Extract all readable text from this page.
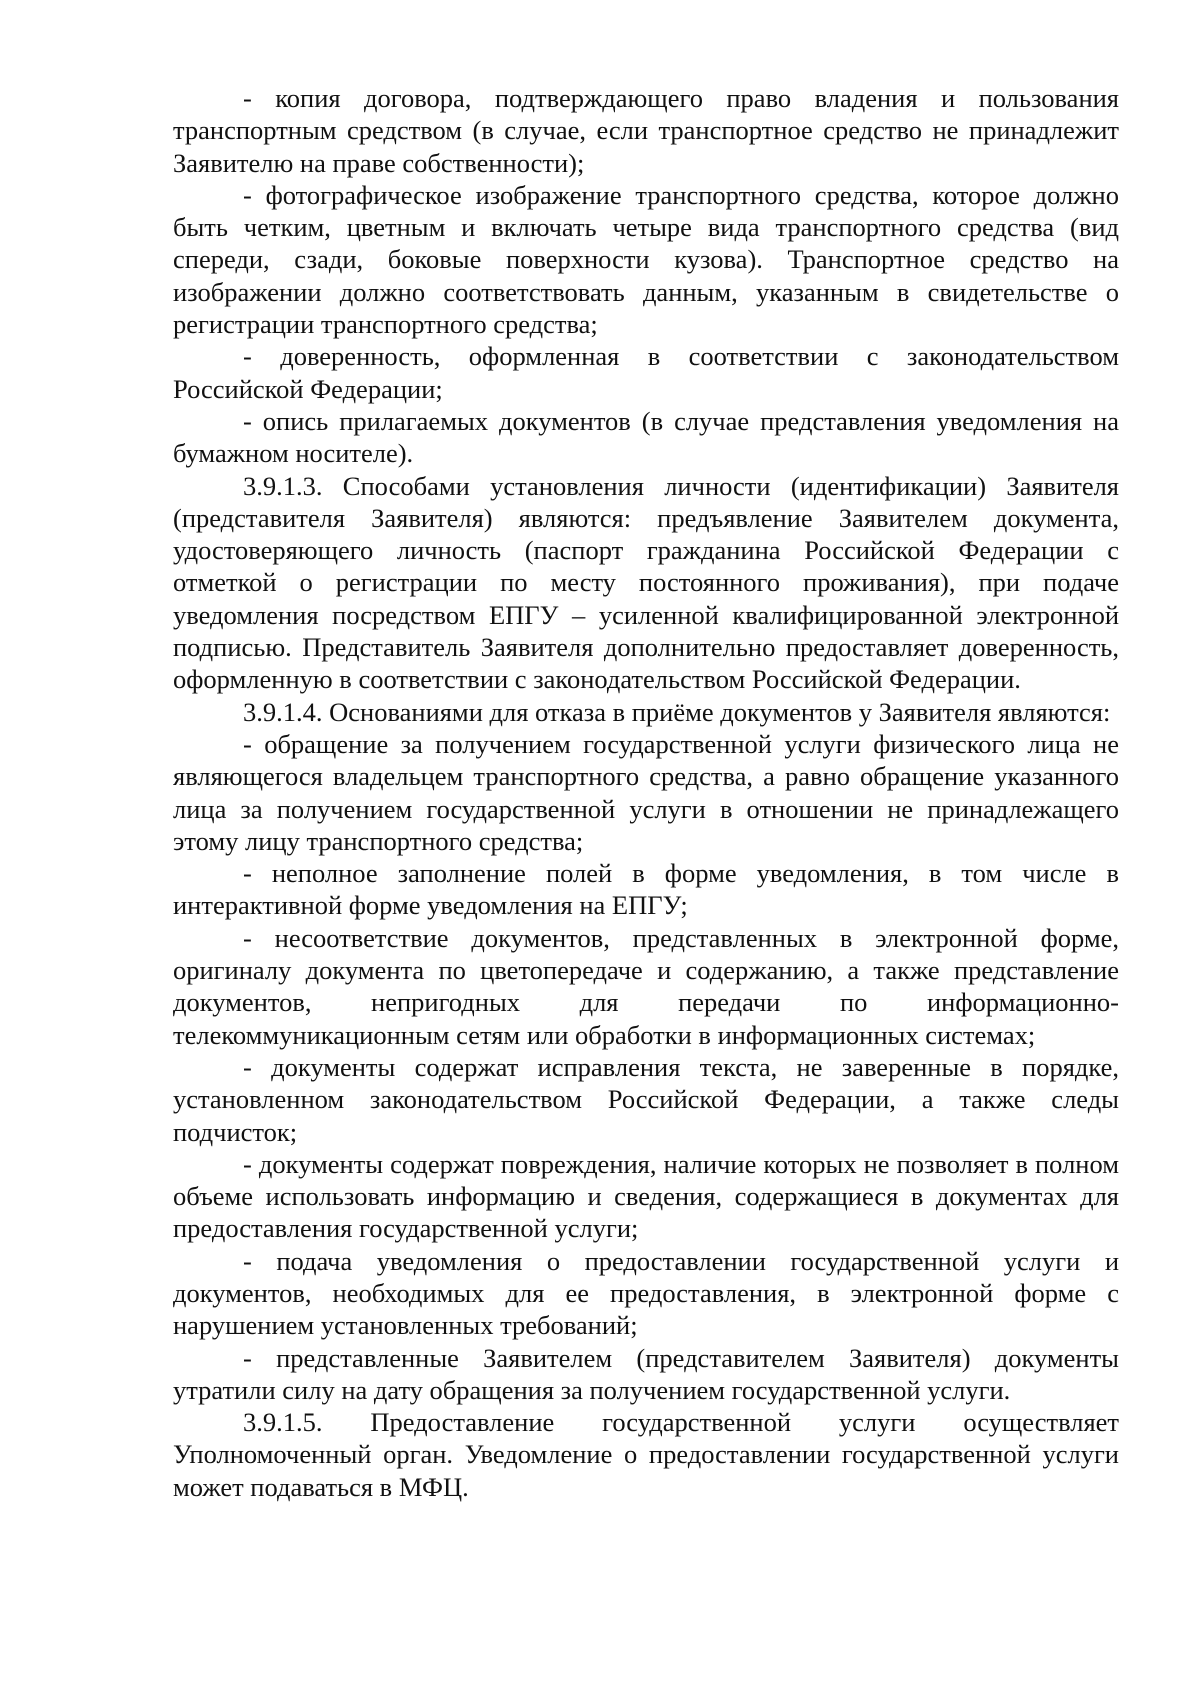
- копия договора, подтверждающего право владения и пользования транспортным средством (в случае, если транспортное средство не принадлежит Заявителю на праве собственности);

- фотографическое изображение транспортного средства, которое должно быть четким, цветным и включать четыре вида транспортного средства (вид спереди, сзади, боковые поверхности кузова). Транспортное средство на изображении должно соответствовать данным, указанным в свидетельстве о регистрации транспортного средства;

- доверенность, оформленная в соответствии с законодательством Российской Федерации;

- опись прилагаемых документов (в случае представления уведомления на бумажном носителе).

3.9.1.3. Способами установления личности (идентификации) Заявителя (представителя Заявителя) являются: предъявление Заявителем документа, удостоверяющего личность (паспорт гражданина Российской Федерации с отметкой о регистрации по месту постоянного проживания), при подаче уведомления посредством ЕПГУ – усиленной квалифицированной электронной подписью. Представитель Заявителя дополнительно предоставляет доверенность, оформленную в соответствии с законодательством Российской Федерации.

3.9.1.4. Основаниями для отказа в приёме документов у Заявителя являются:

- обращение за получением государственной услуги физического лица не являющегося владельцем транспортного средства, а равно обращение указанного лица за получением государственной услуги в отношении не принадлежащего этому лицу транспортного средства;

- неполное заполнение полей в форме уведомления, в том числе в интерактивной форме уведомления на ЕПГУ;

- несоответствие документов, представленных в электронной форме, оригиналу документа по цветопередаче и содержанию, а также представление документов, непригодных для передачи по информационно-телекоммуникационным сетям или обработки в информационных системах;

- документы содержат исправления текста, не заверенные в порядке, установленном законодательством Российской Федерации, а также следы подчисток;

- документы содержат повреждения, наличие которых не позволяет в полном объеме использовать информацию и сведения, содержащиеся в документах для предоставления государственной услуги;

- подача уведомления о предоставлении государственной услуги и документов, необходимых для ее предоставления, в электронной форме с нарушением установленных требований;

- представленные Заявителем (представителем Заявителя) документы утратили силу на дату обращения за получением государственной услуги.

3.9.1.5. Предоставление государственной услуги осуществляет Уполномоченный орган. Уведомление о предоставлении государственной услуги может подаваться в МФЦ.
